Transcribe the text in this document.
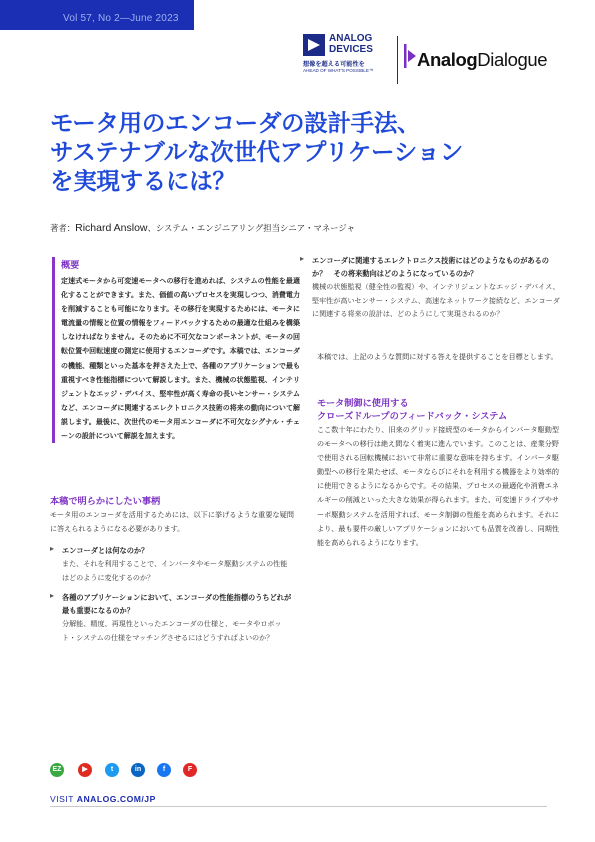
Vol 57, No 2—June 2023
ANALOG
DEVICES
想像を超える可能性を
AHEAD OF WHAT'S POSSIBLE™
AnalogDialogue
モータ用のエンコーダの設計手法、
サステナブルな次世代アプリケーション
を実現するには？
著者：Richard Anslow、システム・エンジニアリング担当シニア・マネージャ
概要

定速式モータから可変速モータへの移行を進めれば、システムの性能を最適化することができます。また、価値の高いプロセスを実現しつつ、消費電力を削減することも可能になります。その移行を実現するためには、モータに電流量の情報と位置の情報をフィードバックするための最適な仕組みを構築しなければなりません。そのために不可欠なコンポーネントが、モータの回転位置や回転速度の測定に使用するエンコーダです。本稿では、エンコーダの機能、種類といった基本を押さえた上で、各種のアプリケーションで最も重視すべき性能指標について解説します。また、機械の状態監視、インテリジェントなエッジ・デバイス、堅牢性が高く寿命の長いセンサー・システムなど、エンコーダに関連するエレクトロニクス技術の将来の動向について解説します。最後に、次世代のモータ用エンコーダに不可欠なシグナル・チェーンの設計について解説を加えます。

本稿で明らかにしたい事柄

モータ用のエンコーダを活用するためには、以下に挙げるような重要な疑問に答えられるようになる必要があります。

▸ エンコーダとは何なのか？
また、それを利用することで、インバータやモータ駆動システムの性能はどのように変化するのか？
▸ 各種のアプリケーションにおいて、エンコーダの性能指標のうちどれが最も重要になるのか？
分解能、精度、再現性といったエンコーダの仕様と、モータやロボット・システムの仕様をマッチングさせるにはどうすればよいのか？
▸ エンコーダに関連するエレクトロニクス技術にはどのようなものがあるのか？　その将来動向はどのようになっているのか？
機械の状態監視（健全性の監視）や、インテリジェントなエッジ・デバイス、堅牢性が高いセンサー・システム、高速なネットワーク接続など、エンコーダに関連する将来の設計は、どのようにして実現されるのか？

本稿では、上記のような質問に対する答えを提供することを目標とします。

モータ制御に使用する
クローズドループのフィードバック・システム

ここ数十年にわたり、旧来のグリッド接続型のモータからインバータ駆動型のモータへの移行は絶え間なく着実に進んでいます。このことは、産業分野で使用される回転機械において非常に重要な意味を持ちます。インバータ駆動型への移行を果たせば、モータならびにそれを利用する機器をより効率的に使用できるようになるからです。その結果、プロセスの最適化や消費エネルギーの削減といった大きな効果が得られます。また、可変速ドライブやサーボ駆動システムを活用すれば、モータ制御の性能を高められます。それにより、最も要件の厳しいアプリケーションにおいても品質を改善し、同期性能を高められるようになります。

EZ	▶	t	in	f	F
VISIT ANALOG.COM/JP
